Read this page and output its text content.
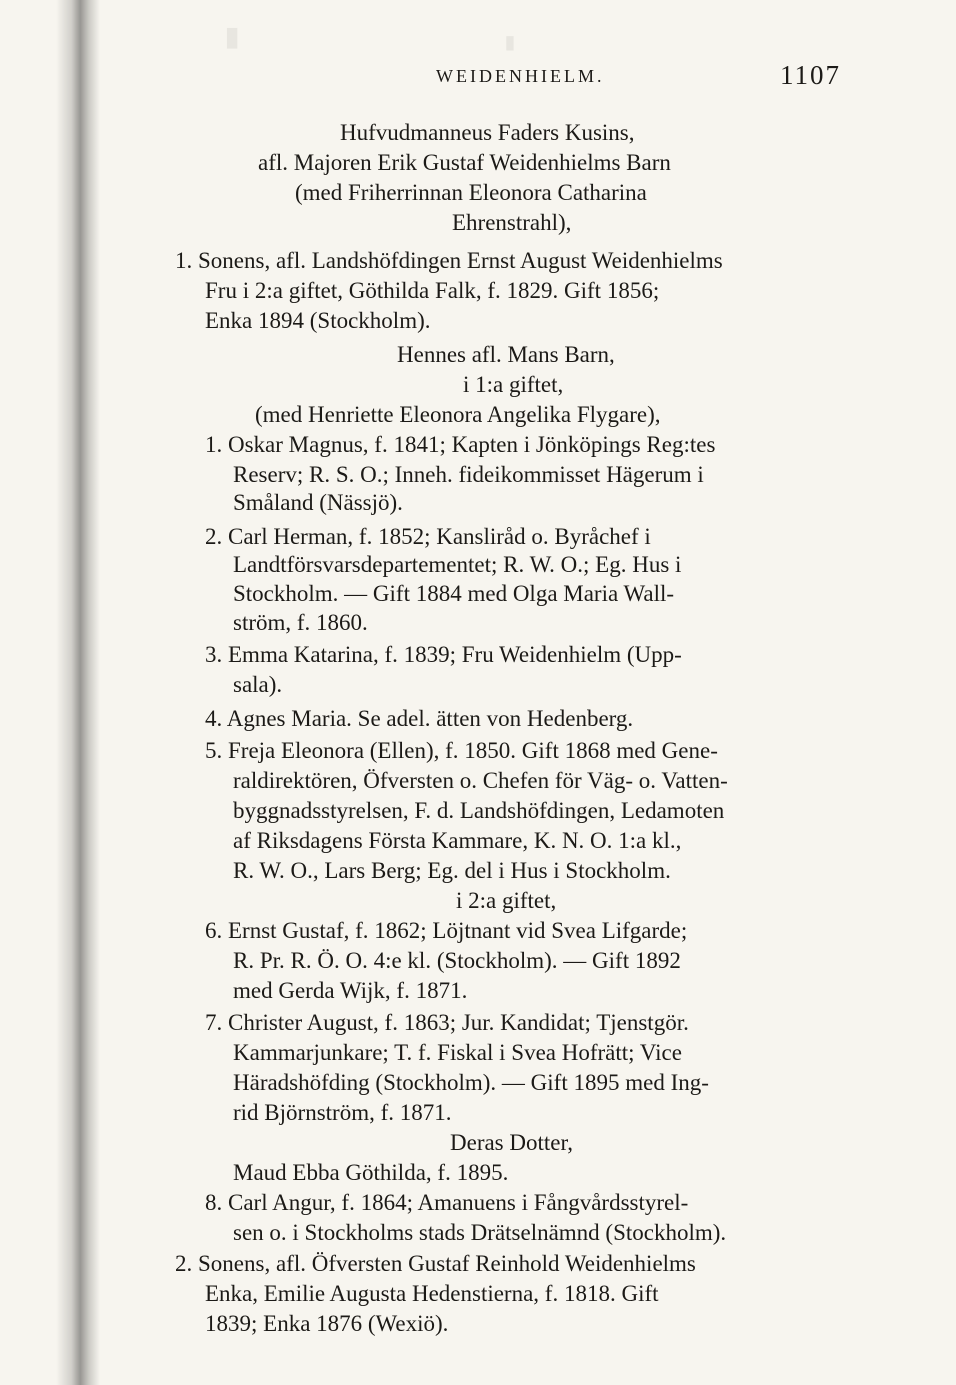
▮	▮
WEIDENHIELM.	1107
Hufvudmanneus Faders Kusins,
afl. Majoren Erik Gustaf Weidenhielms Barn
(med Friherrinnan Eleonora Catharina
Ehrenstrahl),
1. Sonens, afl. Landshöfdingen Ernst August Weidenhielms
Fru i 2:a giftet, Göthilda Falk, f. 1829. Gift 1856;
Enka 1894 (Stockholm).
Hennes afl. Mans Barn,
i 1:a giftet,
(med Henriette Eleonora Angelika Flygare),
1. Oskar Magnus, f. 1841; Kapten i Jönköpings Reg:tes
Reserv; R. S. O.; Inneh. fideikommisset Hägerum i
Småland (Nässjö).
2. Carl Herman, f. 1852; Kansliråd o. Byråchef i
Landtförsvarsdepartementet; R. W. O.; Eg. Hus i
Stockholm. — Gift 1884 med Olga Maria Wall-
ström, f. 1860.
3. Emma Katarina, f. 1839; Fru Weidenhielm (Upp-
sala).
4. Agnes Maria. Se adel. ätten von Hedenberg.
5. Freja Eleonora (Ellen), f. 1850. Gift 1868 med Gene-
raldirektören, Öfversten o. Chefen för Väg- o. Vatten-
byggnadsstyrelsen, F. d. Landshöfdingen, Ledamoten
af Riksdagens Första Kammare, K. N. O. 1:a kl.,
R. W. O., Lars Berg; Eg. del i Hus i Stockholm.
i 2:a giftet,
6. Ernst Gustaf, f. 1862; Löjtnant vid Svea Lifgarde;
R. Pr. R. Ö. O. 4:e kl. (Stockholm). — Gift 1892
med Gerda Wijk, f. 1871.
7. Christer August, f. 1863; Jur. Kandidat; Tjenstgör.
Kammarjunkare; T. f. Fiskal i Svea Hofrätt; Vice
Häradshöfding (Stockholm). — Gift 1895 med Ing-
rid Björnström, f. 1871.
Deras Dotter,
Maud Ebba Göthilda, f. 1895.
8. Carl Angur, f. 1864; Amanuens i Fångvårdsstyrel-
sen o. i Stockholms stads Drätselnämnd (Stockholm).
2. Sonens, afl. Öfversten Gustaf Reinhold Weidenhielms
Enka, Emilie Augusta Hedenstierna, f. 1818. Gift
1839; Enka 1876 (Wexiö).
